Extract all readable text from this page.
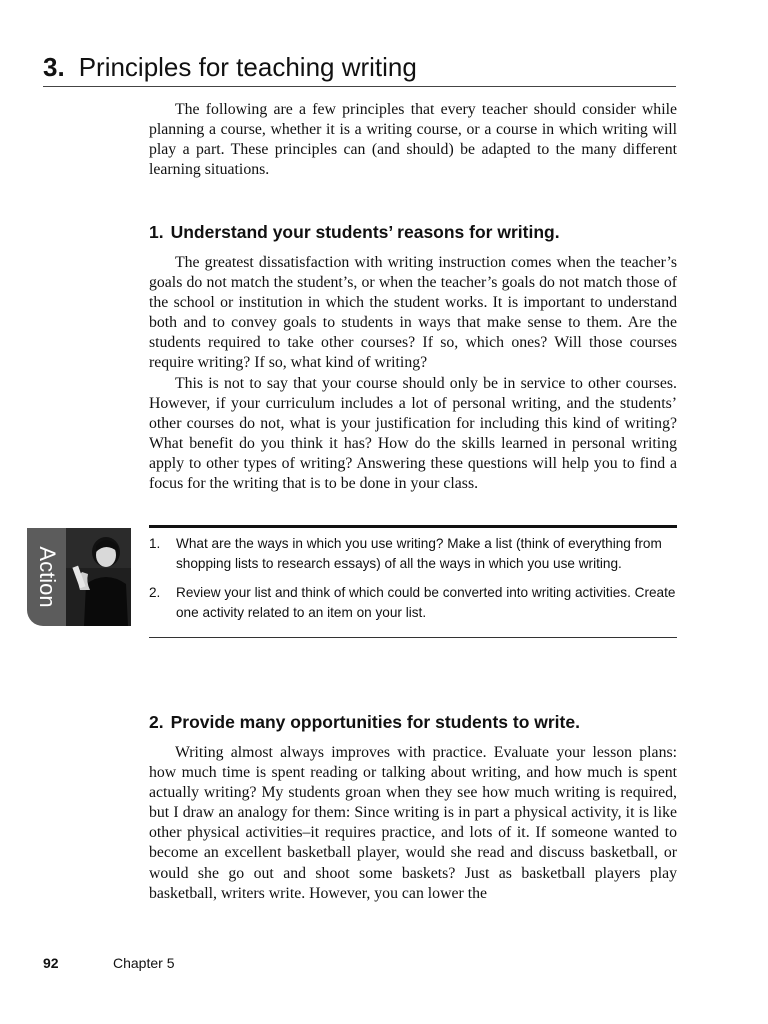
3. Principles for teaching writing

The following are a few principles that every teacher should consider while planning a course, whether it is a writing course, or a course in which writing will play a part. These principles can (and should) be adapted to the many different learning situations.

1. Understand your students’ reasons for writing.

The greatest dissatisfaction with writing instruction comes when the teacher’s goals do not match the student’s, or when the teacher’s goals do not match those of the school or institution in which the student works. It is important to understand both and to convey goals to students in ways that make sense to them. Are the students required to take other courses? If so, which ones? Will those courses require writing? If so, what kind of writing?

This is not to say that your course should only be in service to other courses. However, if your curriculum includes a lot of personal writing, and the students’ other courses do not, what is your justification for including this kind of writing? What benefit do you think it has? How do the skills learned in personal writing apply to other types of writing? Answering these questions will help you to find a focus for the writing that is to be done in your class.

Action
1. What are the ways in which you use writing? Make a list (think of everything from shopping lists to research essays) of all the ways in which you use writing.
2. Review your list and think of which could be converted into writing activities. Create one activity related to an item on your list.
2. Provide many opportunities for students to write.

Writing almost always improves with practice. Evaluate your lesson plans: how much time is spent reading or talking about writing, and how much is spent actually writing? My students groan when they see how much writing is required, but I draw an analogy for them: Since writing is in part a physical activity, it is like other physical activities–it requires practice, and lots of it. If someone wanted to become an excellent basketball player, would she read and discuss basketball, or would she go out and shoot some baskets? Just as basketball players play basketball, writers write. However, you can lower the

92	Chapter 5
